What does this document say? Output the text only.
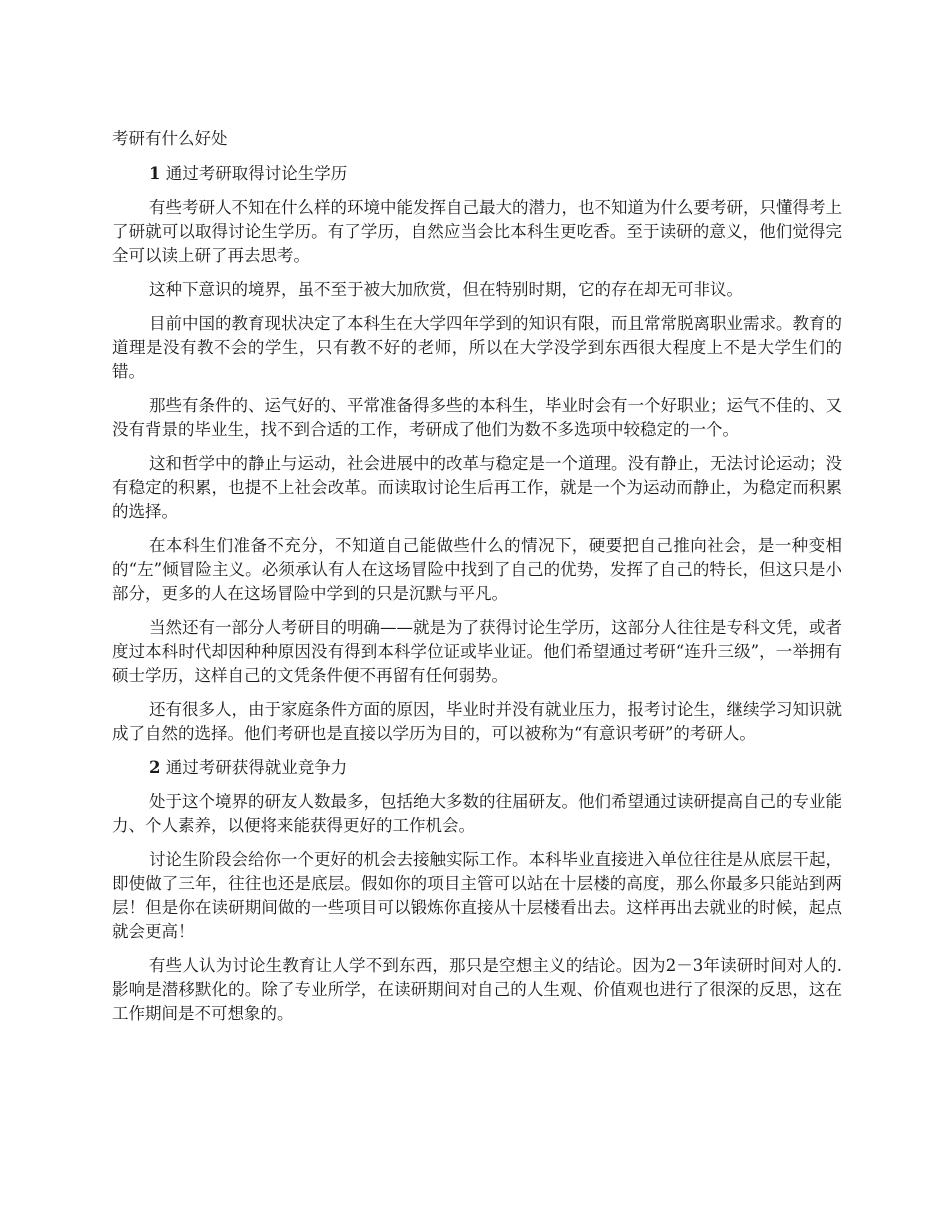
考研有什么好处

1 通过考研取得讨论生学历

有些考研人不知在什么样的环境中能发挥自己最大的潜力，也不知道为什么要考研，只懂得考上了研就可以取得讨论生学历。有了学历，自然应当会比本科生更吃香。至于读研的意义，他们觉得完全可以读上研了再去思考。

这种下意识的境界，虽不至于被大加欣赏，但在特别时期，它的存在却无可非议。

目前中国的教育现状决定了本科生在大学四年学到的知识有限，而且常常脱离职业需求。教育的道理是没有教不会的学生，只有教不好的老师，所以在大学没学到东西很大程度上不是大学生们的错。

那些有条件的、运气好的、平常准备得多些的本科生，毕业时会有一个好职业；运气不佳的、又没有背景的毕业生，找不到合适的工作，考研成了他们为数不多选项中较稳定的一个。

这和哲学中的静止与运动，社会进展中的改革与稳定是一个道理。没有静止，无法讨论运动；没有稳定的积累，也提不上社会改革。而读取讨论生后再工作，就是一个为运动而静止，为稳定而积累的选择。

在本科生们准备不充分，不知道自己能做些什么的情况下，硬要把自己推向社会，是一种变相的“左”倾冒险主义。必须承认有人在这场冒险中找到了自己的优势，发挥了自己的特长，但这只是小部分，更多的人在这场冒险中学到的只是沉默与平凡。

当然还有一部分人考研目的明确——就是为了获得讨论生学历，这部分人往往是专科文凭，或者度过本科时代却因种种原因没有得到本科学位证或毕业证。他们希望通过考研“连升三级”，一举拥有硕士学历，这样自己的文凭条件便不再留有任何弱势。

还有很多人，由于家庭条件方面的原因，毕业时并没有就业压力，报考讨论生，继续学习知识就成了自然的选择。他们考研也是直接以学历为目的，可以被称为“有意识考研”的考研人。

2 通过考研获得就业竞争力

处于这个境界的研友人数最多，包括绝大多数的往届研友。他们希望通过读研提高自己的专业能力、个人素养，以便将来能获得更好的工作机会。

讨论生阶段会给你一个更好的机会去接触实际工作。本科毕业直接进入单位往往是从底层干起，即使做了三年，往往也还是底层。假如你的项目主管可以站在十层楼的高度，那么你最多只能站到两层！但是你在读研期间做的一些项目可以锻炼你直接从十层楼看出去。这样再出去就业的时候，起点就会更高！

有些人认为讨论生教育让人学不到东西，那只是空想主义的结论。因为2－3年读研时间对人的.影响是潜移默化的。除了专业所学，在读研期间对自己的人生观、价值观也进行了很深的反思，这在工作期间是不可想象的。
